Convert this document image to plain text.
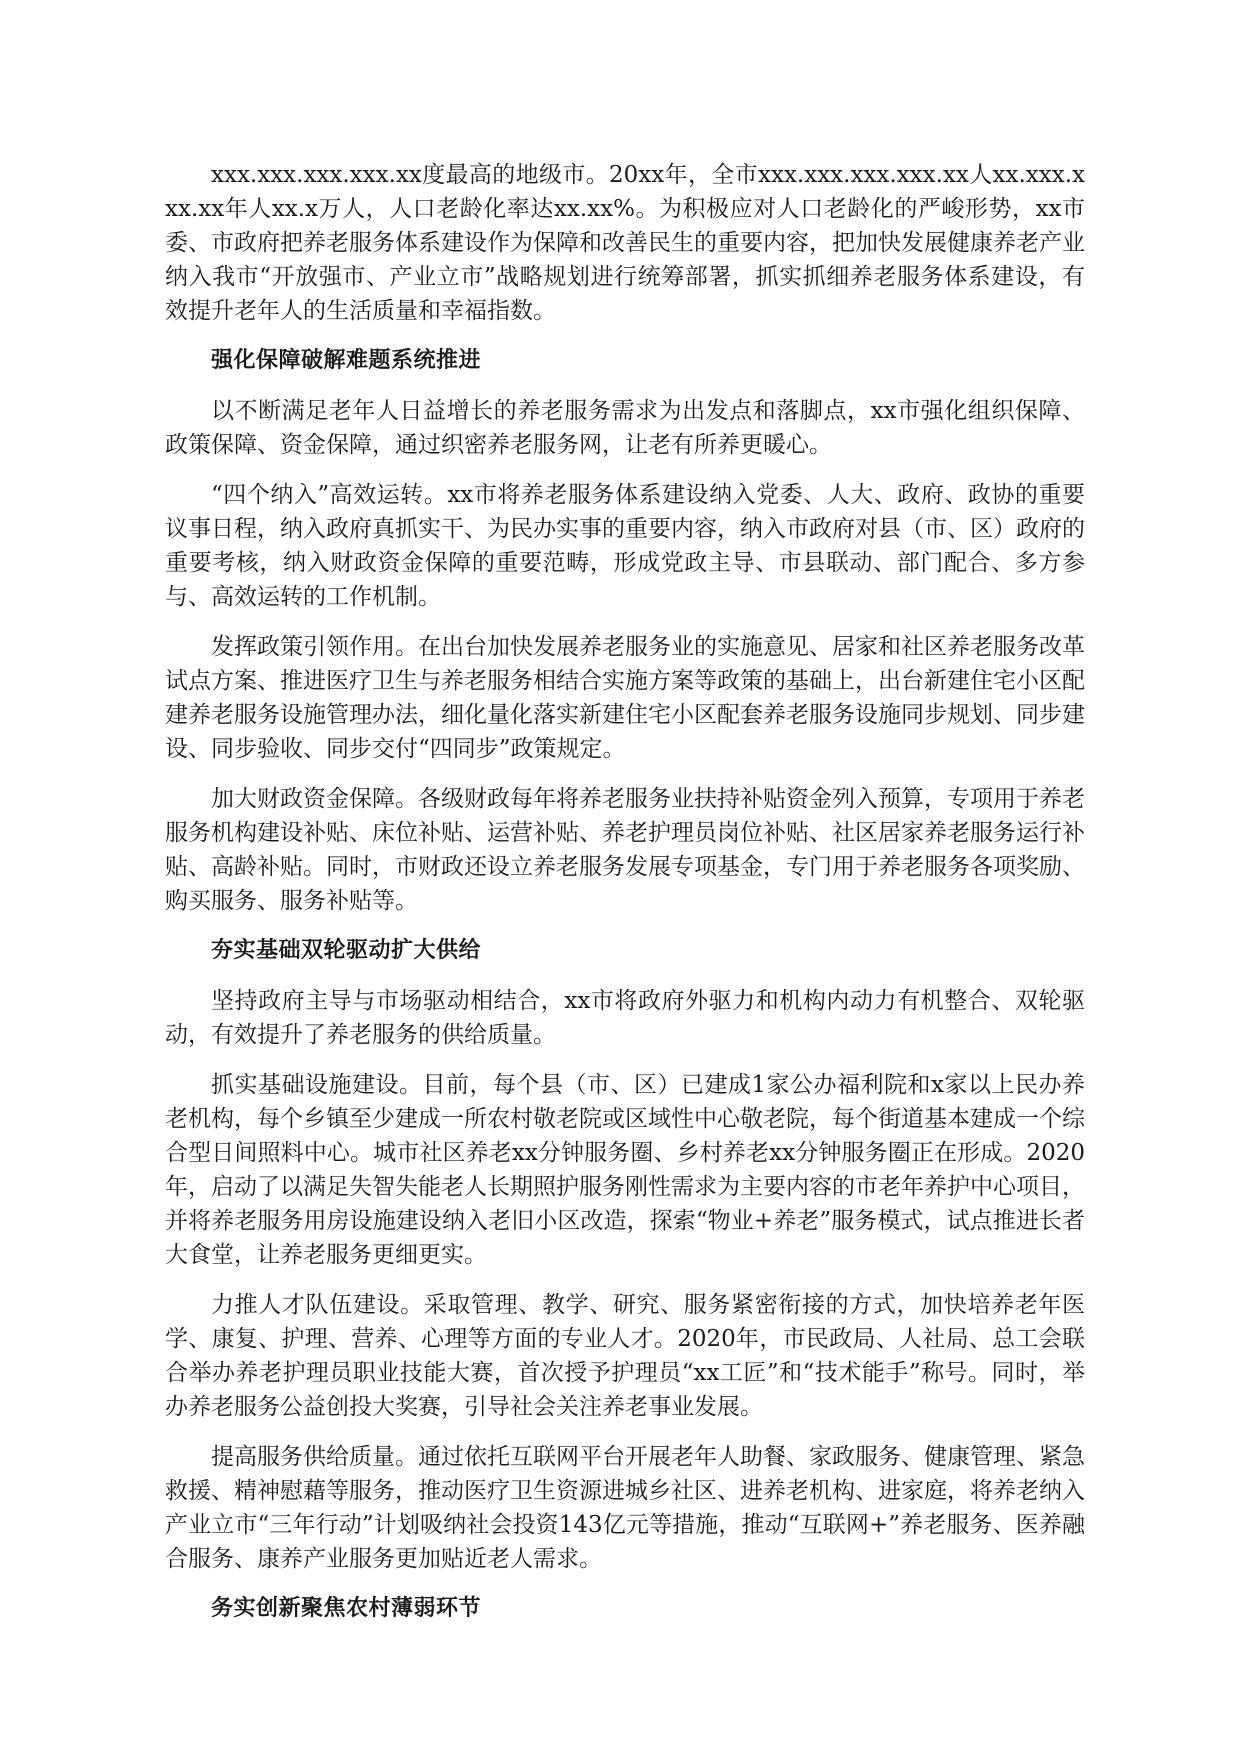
xxx.xxx.xxx.xxx.xx度最高的地级市。20xx年，全市xxx.xxx.xxx.xxx.xx人xx.xxx.xxx.xx年人xx.x万人，人口老龄化率达xx.xx%。为积极应对人口老龄化的严峻形势，xx市委、市政府把养老服务体系建设作为保障和改善民生的重要内容，把加快发展健康养老产业纳入我市“开放强市、产业立市”战略规划进行统筹部署，抓实抓细养老服务体系建设，有效提升老年人的生活质量和幸福指数。

强化保障破解难题系统推进

以不断满足老年人日益增长的养老服务需求为出发点和落脚点，xx市强化组织保障、政策保障、资金保障，通过织密养老服务网，让老有所养更暖心。

“四个纳入”高效运转。xx市将养老服务体系建设纳入党委、人大、政府、政协的重要议事日程，纳入政府真抓实干、为民办实事的重要内容，纳入市政府对县（市、区）政府的重要考核，纳入财政资金保障的重要范畴，形成党政主导、市县联动、部门配合、多方参与、高效运转的工作机制。

发挥政策引领作用。在出台加快发展养老服务业的实施意见、居家和社区养老服务改革试点方案、推进医疗卫生与养老服务相结合实施方案等政策的基础上，出台新建住宅小区配建养老服务设施管理办法，细化量化落实新建住宅小区配套养老服务设施同步规划、同步建设、同步验收、同步交付“四同步”政策规定。

加大财政资金保障。各级财政每年将养老服务业扶持补贴资金列入预算，专项用于养老服务机构建设补贴、床位补贴、运营补贴、养老护理员岗位补贴、社区居家养老服务运行补贴、高龄补贴。同时，市财政还设立养老服务发展专项基金，专门用于养老服务各项奖励、购买服务、服务补贴等。

夯实基础双轮驱动扩大供给

坚持政府主导与市场驱动相结合，xx市将政府外驱力和机构内动力有机整合、双轮驱动，有效提升了养老服务的供给质量。

抓实基础设施建设。目前，每个县（市、区）已建成1家公办福利院和x家以上民办养老机构，每个乡镇至少建成一所农村敬老院或区域性中心敬老院，每个街道基本建成一个综合型日间照料中心。城市社区养老xx分钟服务圈、乡村养老xx分钟服务圈正在形成。2020年，启动了以满足失智失能老人长期照护服务刚性需求为主要内容的市老年养护中心项目，并将养老服务用房设施建设纳入老旧小区改造，探索“物业+养老”服务模式，试点推进长者大食堂，让养老服务更细更实。

力推人才队伍建设。采取管理、教学、研究、服务紧密衔接的方式，加快培养老年医学、康复、护理、营养、心理等方面的专业人才。2020年，市民政局、人社局、总工会联合举办养老护理员职业技能大赛，首次授予护理员“xx工匠”和“技术能手”称号。同时，举办养老服务公益创投大奖赛，引导社会关注养老事业发展。

提高服务供给质量。通过依托互联网平台开展老年人助餐、家政服务、健康管理、紧急救援、精神慰藉等服务，推动医疗卫生资源进城乡社区、进养老机构、进家庭，将养老纳入产业立市“三年行动”计划吸纳社会投资143亿元等措施，推动“互联网+”养老服务、医养融合服务、康养产业服务更加贴近老人需求。

务实创新聚焦农村薄弱环节
